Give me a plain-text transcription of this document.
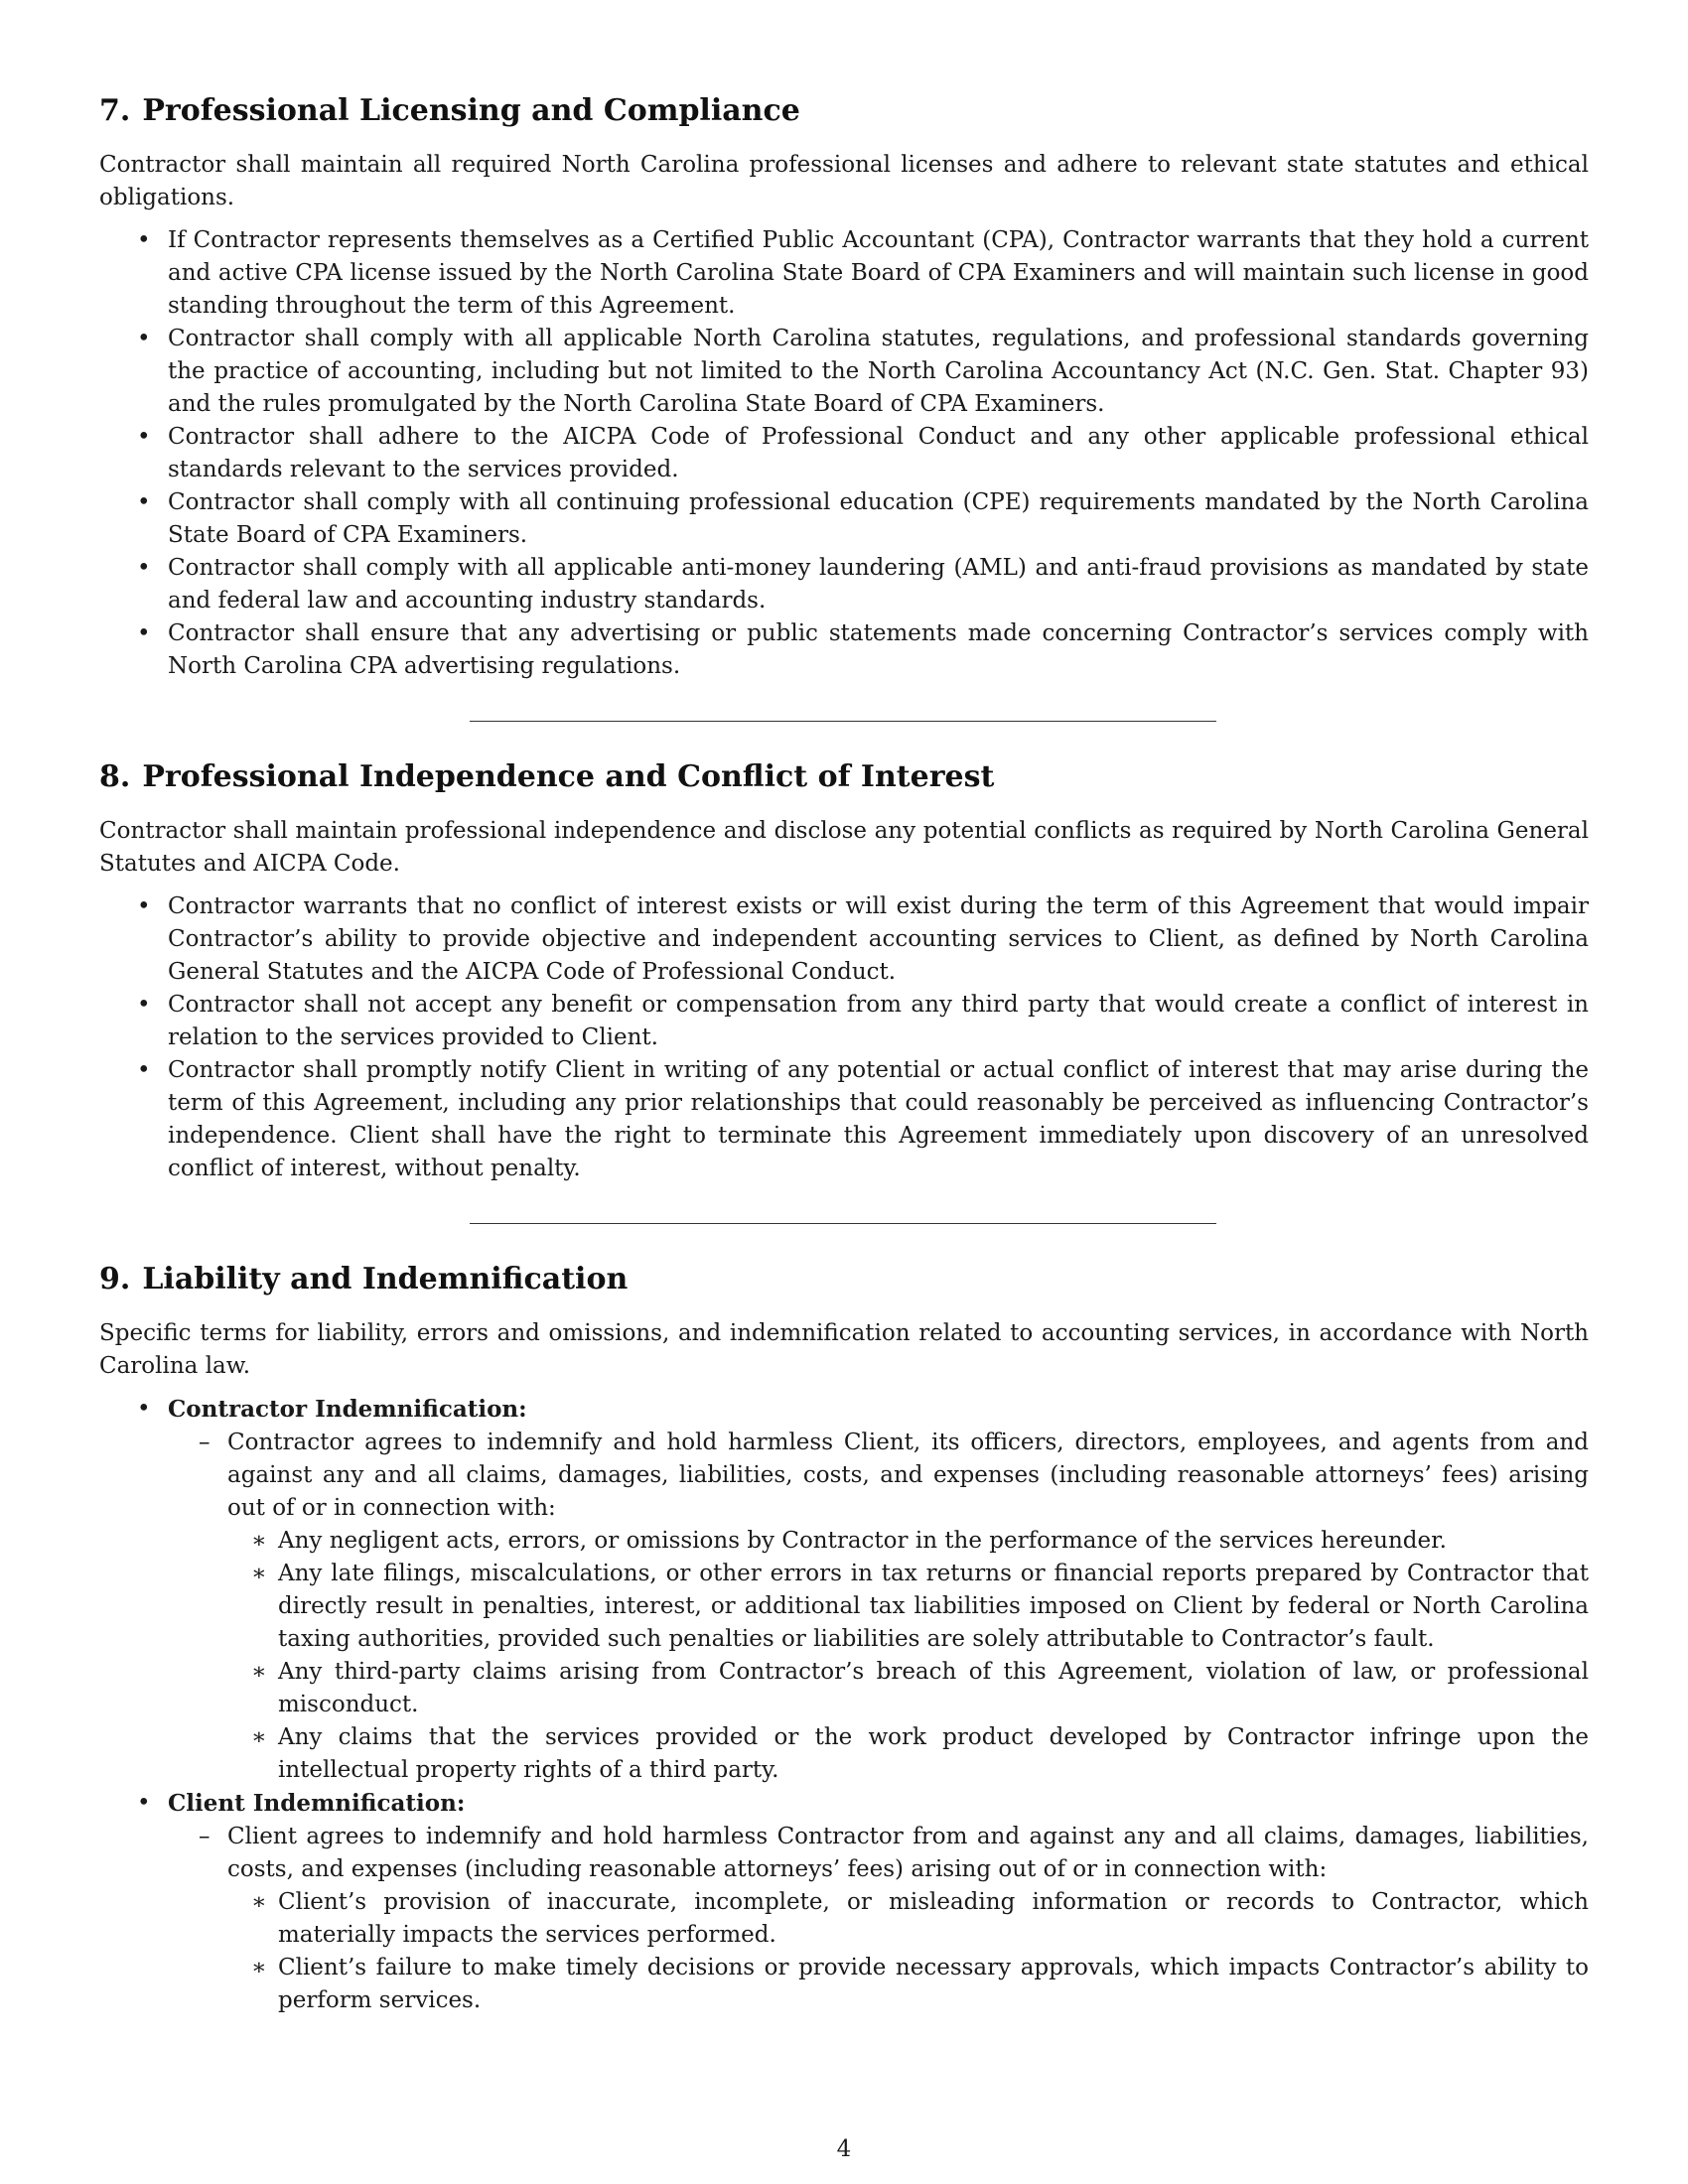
7. Professional Licensing and Compliance

Contractor shall maintain all required North Carolina professional licenses and adhere to relevant state statutes and ethical obligations.

• If Contractor represents themselves as a Certified Public Accountant (CPA), Contractor warrants that they hold a current and active CPA license issued by the North Carolina State Board of CPA Examiners and will maintain such license in good standing throughout the term of this Agreement.
• Contractor shall comply with all applicable North Carolina statutes, regulations, and professional standards governing the practice of accounting, including but not limited to the North Carolina Accountancy Act (N.C. Gen. Stat. Chapter 93) and the rules promulgated by the North Carolina State Board of CPA Examiners.
• Contractor shall adhere to the AICPA Code of Professional Conduct and any other applicable professional ethical standards relevant to the services provided.
• Contractor shall comply with all continuing professional education (CPE) requirements mandated by the North Carolina State Board of CPA Examiners.
• Contractor shall comply with all applicable anti-money laundering (AML) and anti-fraud provisions as mandated by state and federal law and accounting industry standards.
• Contractor shall ensure that any advertising or public statements made concerning Contractor’s services comply with North Carolina CPA advertising regulations.
8. Professional Independence and Conflict of Interest

Contractor shall maintain professional independence and disclose any potential conflicts as required by North Carolina General Statutes and AICPA Code.

• Contractor warrants that no conflict of interest exists or will exist during the term of this Agreement that would impair Contractor’s ability to provide objective and independent accounting services to Client, as defined by North Carolina General Statutes and the AICPA Code of Professional Conduct.
• Contractor shall not accept any benefit or compensation from any third party that would create a conflict of interest in relation to the services provided to Client.
• Contractor shall promptly notify Client in writing of any potential or actual conflict of interest that may arise during the term of this Agreement, including any prior relationships that could reasonably be perceived as influencing Contractor’s independence. Client shall have the right to terminate this Agreement immediately upon discovery of an unresolved conflict of interest, without penalty.
9. Liability and Indemnification

Specific terms for liability, errors and omissions, and indemnification related to accounting services, in accordance with North Carolina law.

• Contractor Indemnification:
– Contractor agrees to indemnify and hold harmless Client, its officers, directors, employees, and agents from and against any and all claims, damages, liabilities, costs, and expenses (including reasonable attorneys’ fees) arising out of or in connection with:
∗ Any negligent acts, errors, or omissions by Contractor in the performance of the services hereunder.
∗ Any late filings, miscalculations, or other errors in tax returns or financial reports prepared by Contractor that directly result in penalties, interest, or additional tax liabilities imposed on Client by federal or North Carolina taxing authorities, provided such penalties or liabilities are solely attributable to Contractor’s fault.
∗ Any third-party claims arising from Contractor’s breach of this Agreement, violation of law, or professional misconduct.
∗ Any claims that the services provided or the work product developed by Contractor infringe upon the intellectual property rights of a third party.
• Client Indemnification:
– Client agrees to indemnify and hold harmless Contractor from and against any and all claims, damages, liabilities, costs, and expenses (including reasonable attorneys’ fees) arising out of or in connection with:
∗ Client’s provision of inaccurate, incomplete, or misleading information or records to Contractor, which materially impacts the services performed.
∗ Client’s failure to make timely decisions or provide necessary approvals, which impacts Contractor’s ability to perform services.
4
